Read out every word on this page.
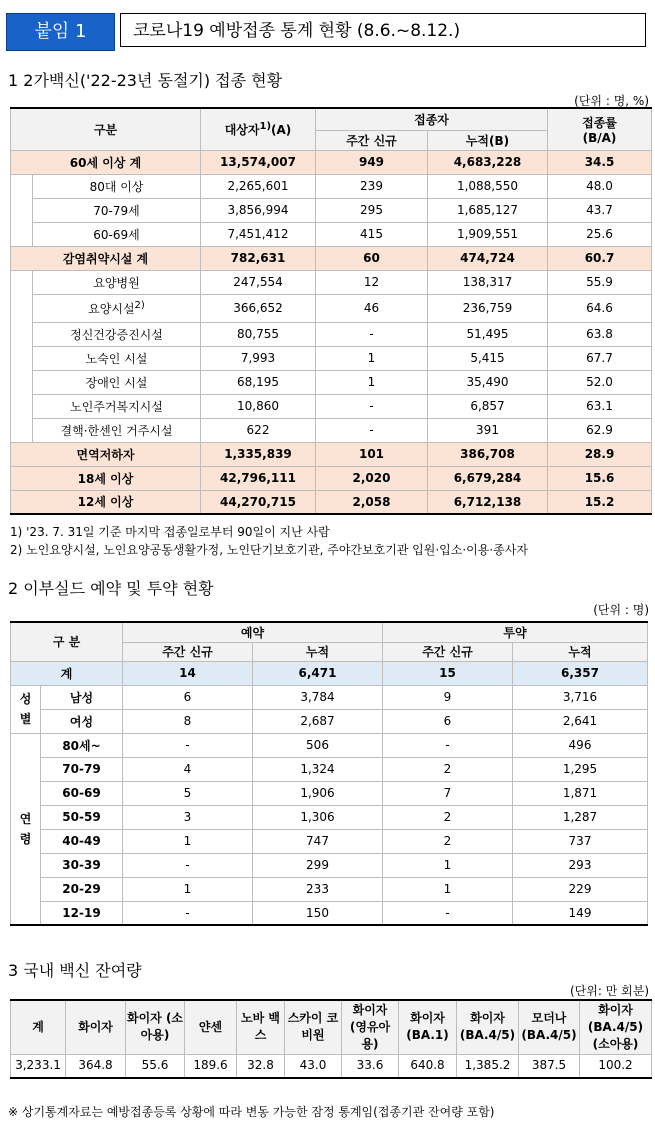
붙임 1	코로나19 예방접종 통계 현황 (8.6.~8.12.)
1 2가백신('22-23년 동절기) 접종 현황
(단위 : 명, %)
구분		대상자$^{1)}$(A)	접종자		접종률
(B/A)

			주간 신규	누적(B)	
60세 이상 계		13,574,007	949	4,683,228	34.5
	80대 이상	2,265,601	239	1,088,550	48.0
	70-79세	3,856,994	295	1,685,127	43.7
	60-69세	7,451,412	415	1,909,551	25.6
감염취약시설 계		782,631	60	474,724	60.7
	요양병원	247,554	12	138,317	55.9
	요양시설$^{2)}$	366,652	46	236,759	64.6
	정신건강증진시설	80,755	-	51,495	63.8
	노숙인 시설	7,993	1	5,415	67.7
	장애인 시설	68,195	1	35,490	52.0
	노인주거복지시설	10,860	-	6,857	63.1
	결핵·한센인 거주시설	622	-	391	62.9
면역저하자		1,335,839	101	386,708	28.9
18세 이상		42,796,111	2,020	6,679,284	15.6
12세 이상		44,270,715	2,058	6,712,138	15.2
1) '23. 7. 31일 기준 마지막 접종일로부터 90일이 지난 사람
2) 노인요양시설, 노인요양공동생활가정, 노인단기보호기관, 주야간보호기관 입원·입소·이용·종사자
2 이부실드 예약 및 투약 현황
(단위 : 명)
구 분		예약		투약	
		주간 신규	누적	주간 신규	누적
계		14	6,471	15	6,357
성별	남성	6	3,784	9	3,716
	여성	8	2,687	6	2,641
연령	80세~	-	506	-	496
	70-79	4	1,324	2	1,295
	60-69	5	1,906	7	1,871
	50-59	3	1,306	2	1,287
	40-49	1	747	2	737
	30-39	-	299	1	293
	20-29	1	233	1	229
	12-19	-	150	-	149
3 국내 백신 잔여량
(단위: 만 회분)
계	화이자	화이자 (소아용)	얀센	노바 백스	스카이 코비원	화이자 (영유아용)	화이자 (BA.1)	화이자 (BA.4/5)	모더나 (BA.4/5)	화이자 (BA.4/5) (소아용)
3,233.1	364.8	55.6	189.6	32.8	43.0	33.6	640.8	1,385.2	387.5	100.2
※ 상기통계자료는 예방접종등록 상황에 따라 변동 가능한 잠정 통계임(접종기관 잔여량 포함)
